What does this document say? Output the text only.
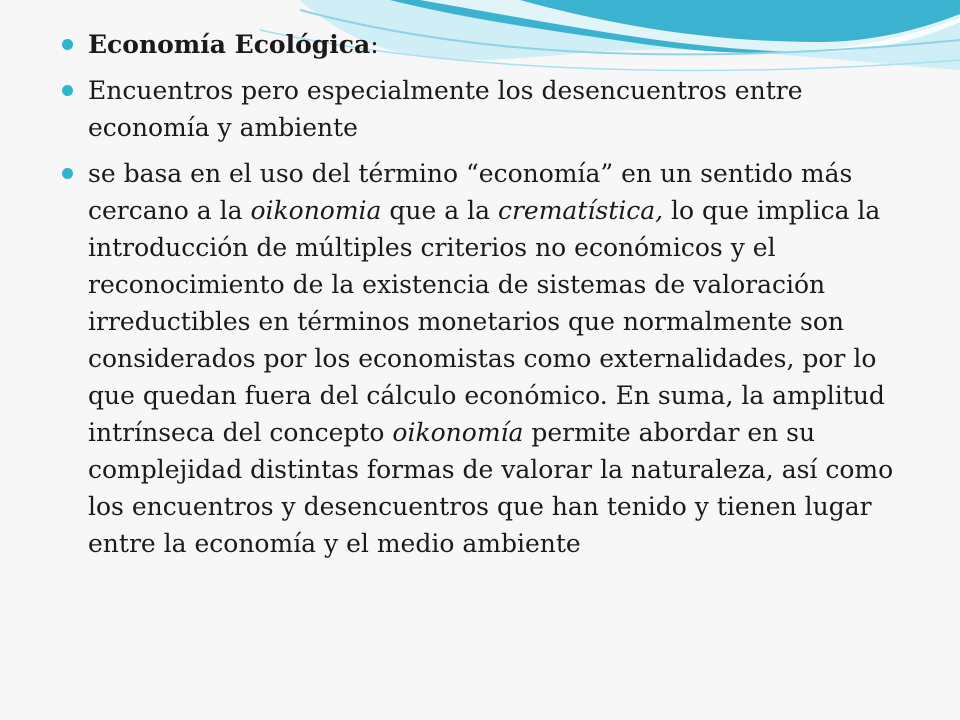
Economía Ecológica:
Encuentros pero especialmente los desencuentros entre economía y ambiente
se basa en el uso del término “economía” en un sentido más cercano a la oikonomia que a la crematística, lo que implica la introducción de múltiples criterios no económicos y el reconocimiento de la existencia de sistemas de valoración irreductibles en términos monetarios que normalmente son considerados por los economistas como externalidades, por lo que quedan fuera del cálculo económico. En suma, la amplitud intrínseca del concepto oikonomía permite abordar en su complejidad distintas formas de valorar la naturaleza, así como los encuentros y desencuentros que han tenido y tienen lugar entre la economía y el medio ambiente
